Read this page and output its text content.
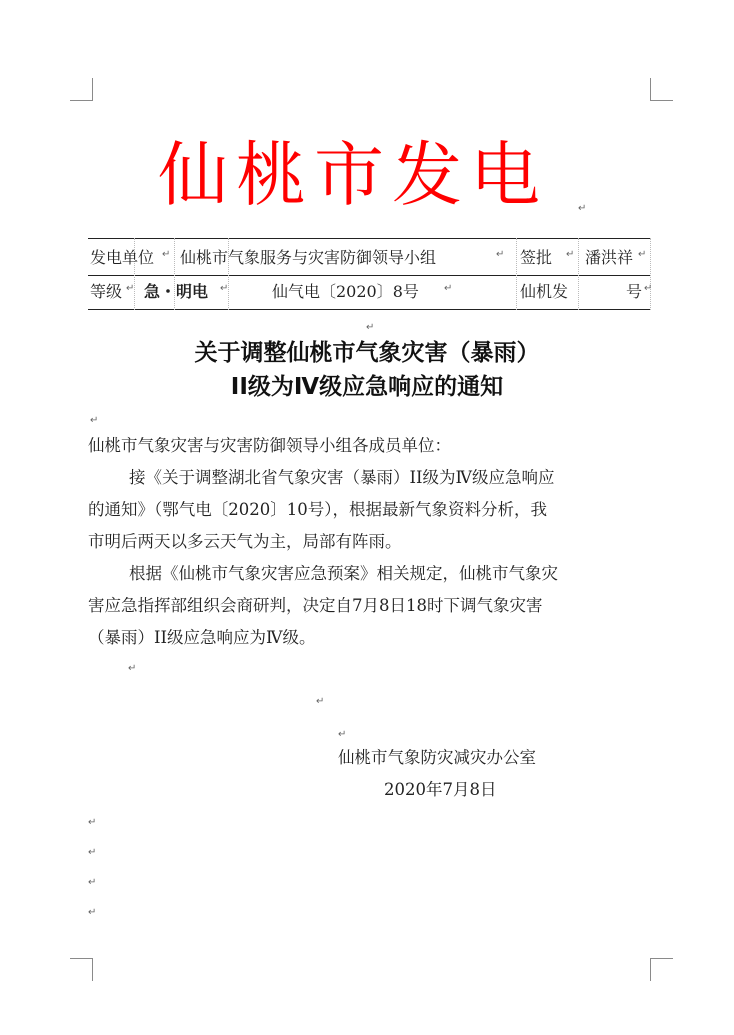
仙桃市发电	↵
发电单位 ↵ 仙桃市气象服务与灾害防御领导小组	↵ 签批 ↵ 潘洪祥 ↵
等级 ↵ 急・明电 ↵	仙气电〔2020〕8号	↵	仙机发	号 ↵
↵
关于调整仙桃市气象灾害（暴雨）
II级为Ⅳ级应急响应的通知
↵
仙桃市气象灾害与灾害防御领导小组各成员单位：
接《关于调整湖北省气象灾害（暴雨）II级为Ⅳ级应急响应
的通知》（鄂气电〔2020〕10号），根据最新气象资料分析，我
市明后两天以多云天气为主，局部有阵雨。
根据《仙桃市气象灾害应急预案》相关规定，仙桃市气象灾
害应急指挥部组织会商研判，决定自7月8日18时下调气象灾害
（暴雨）II级应急响应为Ⅳ级。
↵
↵
↵
仙桃市气象防灾减灾办公室
2020年7月8日
↵
↵
↵
↵
